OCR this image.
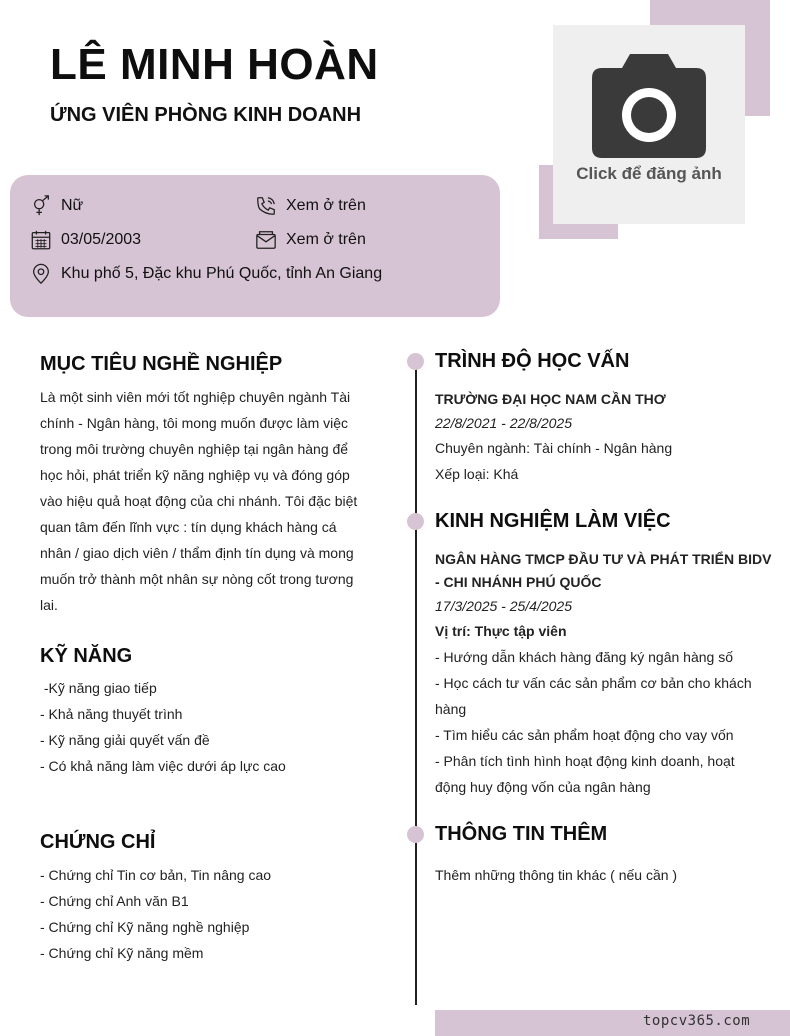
LÊ MINH HOÀN
ỨNG VIÊN PHÒNG KINH DOANH
Click để đăng ảnh
Nữ	Xem ở trên
03/05/2003	Xem ở trên
Khu phố 5, Đặc khu Phú Quốc, tỉnh An Giang
MỤC TIÊU NGHỀ NGHIỆP
Là một sinh viên mới tốt nghiệp chuyên ngành Tài
chính - Ngân hàng, tôi mong muốn được làm việc
trong môi trường chuyên nghiệp tại ngân hàng để
học hỏi, phát triển kỹ năng nghiệp vụ và đóng góp
vào hiệu quả hoạt động của chi nhánh. Tôi đặc biệt
quan tâm đến lĩnh vực : tín dụng khách hàng cá
nhân / giao dịch viên / thẩm định tín dụng và mong
muốn trở thành một nhân sự nòng cốt trong tương
lai.
KỸ NĂNG
-Kỹ năng giao tiếp
- Khả năng thuyết trình
- Kỹ năng giải quyết vấn đề
- Có khả năng làm việc dưới áp lực cao
CHỨNG CHỈ
- Chứng chỉ Tin cơ bản, Tin nâng cao
- Chứng chỉ Anh văn B1
- Chứng chỉ Kỹ năng nghề nghiệp
- Chứng chỉ Kỹ năng mềm
TRÌNH ĐỘ HỌC VẤN
TRƯỜNG ĐẠI HỌC NAM CẦN THƠ
22/8/2021 - 22/8/2025
Chuyên ngành: Tài chính - Ngân hàng
Xếp loại: Khá
KINH NGHIỆM LÀM VIỆC
NGÂN HÀNG TMCP ĐẦU TƯ VÀ PHÁT TRIỂN BIDV
- CHI NHÁNH PHÚ QUỐC
17/3/2025 - 25/4/2025
Vị trí: Thực tập viên
- Hướng dẫn khách hàng đăng ký ngân hàng số
- Học cách tư vấn các sản phẩm cơ bản cho khách
hàng
- Tìm hiểu các sản phẩm hoạt động cho vay vốn
- Phân tích tình hình hoạt động kinh doanh, hoạt
động huy động vốn của ngân hàng
THÔNG TIN THÊM
Thêm những thông tin khác ( nếu cần )
topcv365.com
